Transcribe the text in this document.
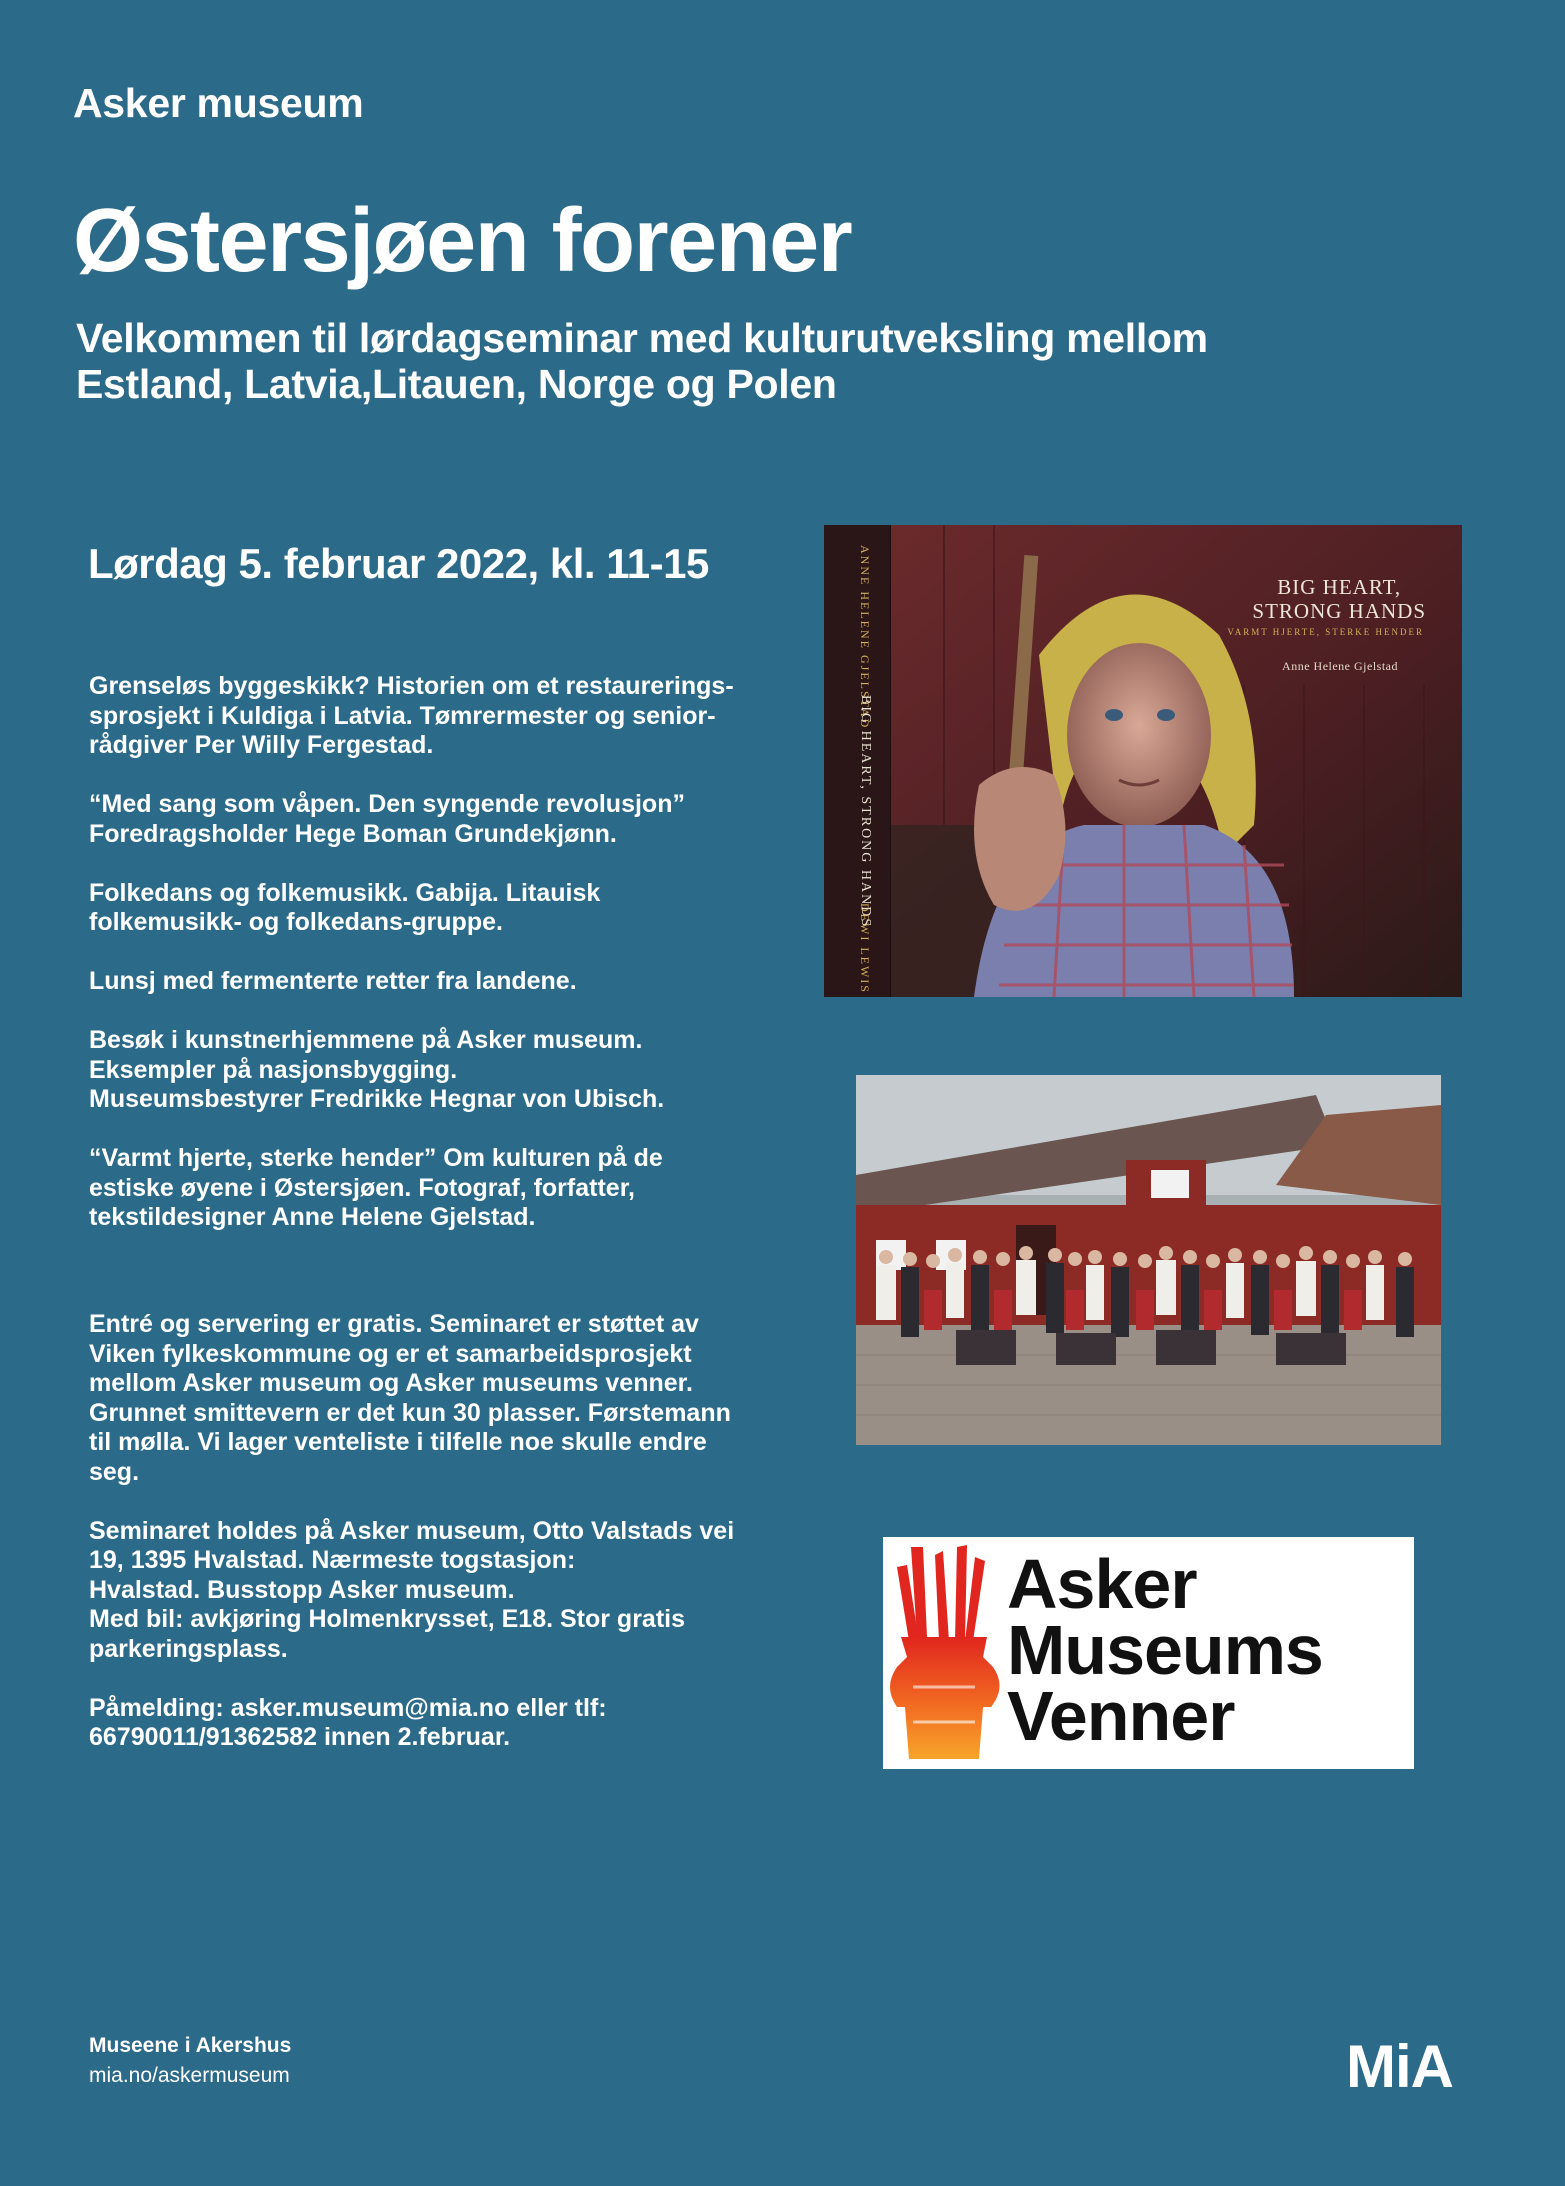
Asker museum
Østersjøen forener
Velkommen til lørdagseminar med kulturutveksling mellom
Estland, Latvia,Litauen, Norge og Polen
Lørdag 5. februar 2022, kl. 11-15

Grenseløs byggeskikk? Historien om et restaurerings-
sprosjekt i Kuldiga i Latvia. Tømrermester og senior-
rådgiver Per Willy Fergestad.

“Med sang som våpen. Den syngende revolusjon”
Foredragsholder Hege Boman Grundekjønn.

Folkedans og folkemusikk. Gabija. Litauisk
folkemusikk- og folkedans-gruppe.

Lunsj med fermenterte retter fra landene.

Besøk i kunstnerhjemmene på Asker museum.
Eksempler på nasjonsbygging.
Museumsbestyrer Fredrikke Hegnar von Ubisch.

“Varmt hjerte, sterke hender” Om kulturen på de
estiske øyene i Østersjøen. Fotograf, forfatter,
tekstildesigner Anne Helene Gjelstad.

Entré og servering er gratis. Seminaret er støttet av
Viken fylkeskommune og er et samarbeidsprosjekt
mellom Asker museum og Asker museums venner.
Grunnet smittevern er det kun 30 plasser. Førstemann
til mølla. Vi lager venteliste i tilfelle noe skulle endre
seg.

Seminaret holdes på Asker museum, Otto Valstads vei
19, 1395 Hvalstad. Nærmeste togstasjon:
Hvalstad. Busstopp Asker museum.
Med bil: avkjøring Holmenkrysset, E18. Stor gratis
parkeringsplass.

Påmelding: asker.museum@mia.no eller tlf:
66790011/91362582 innen 2.februar.

ANNE HELENE GJELSTAD
BIG HEART, STRONG HANDS
DEWI LEWIS
BIG HEART,
STRONG HANDS
VARMT HJERTE, STERKE HENDER
Anne Helene Gjelstad
Asker
Museums
Venner
Museene i Akershus
mia.no/askermuseum	MiA
